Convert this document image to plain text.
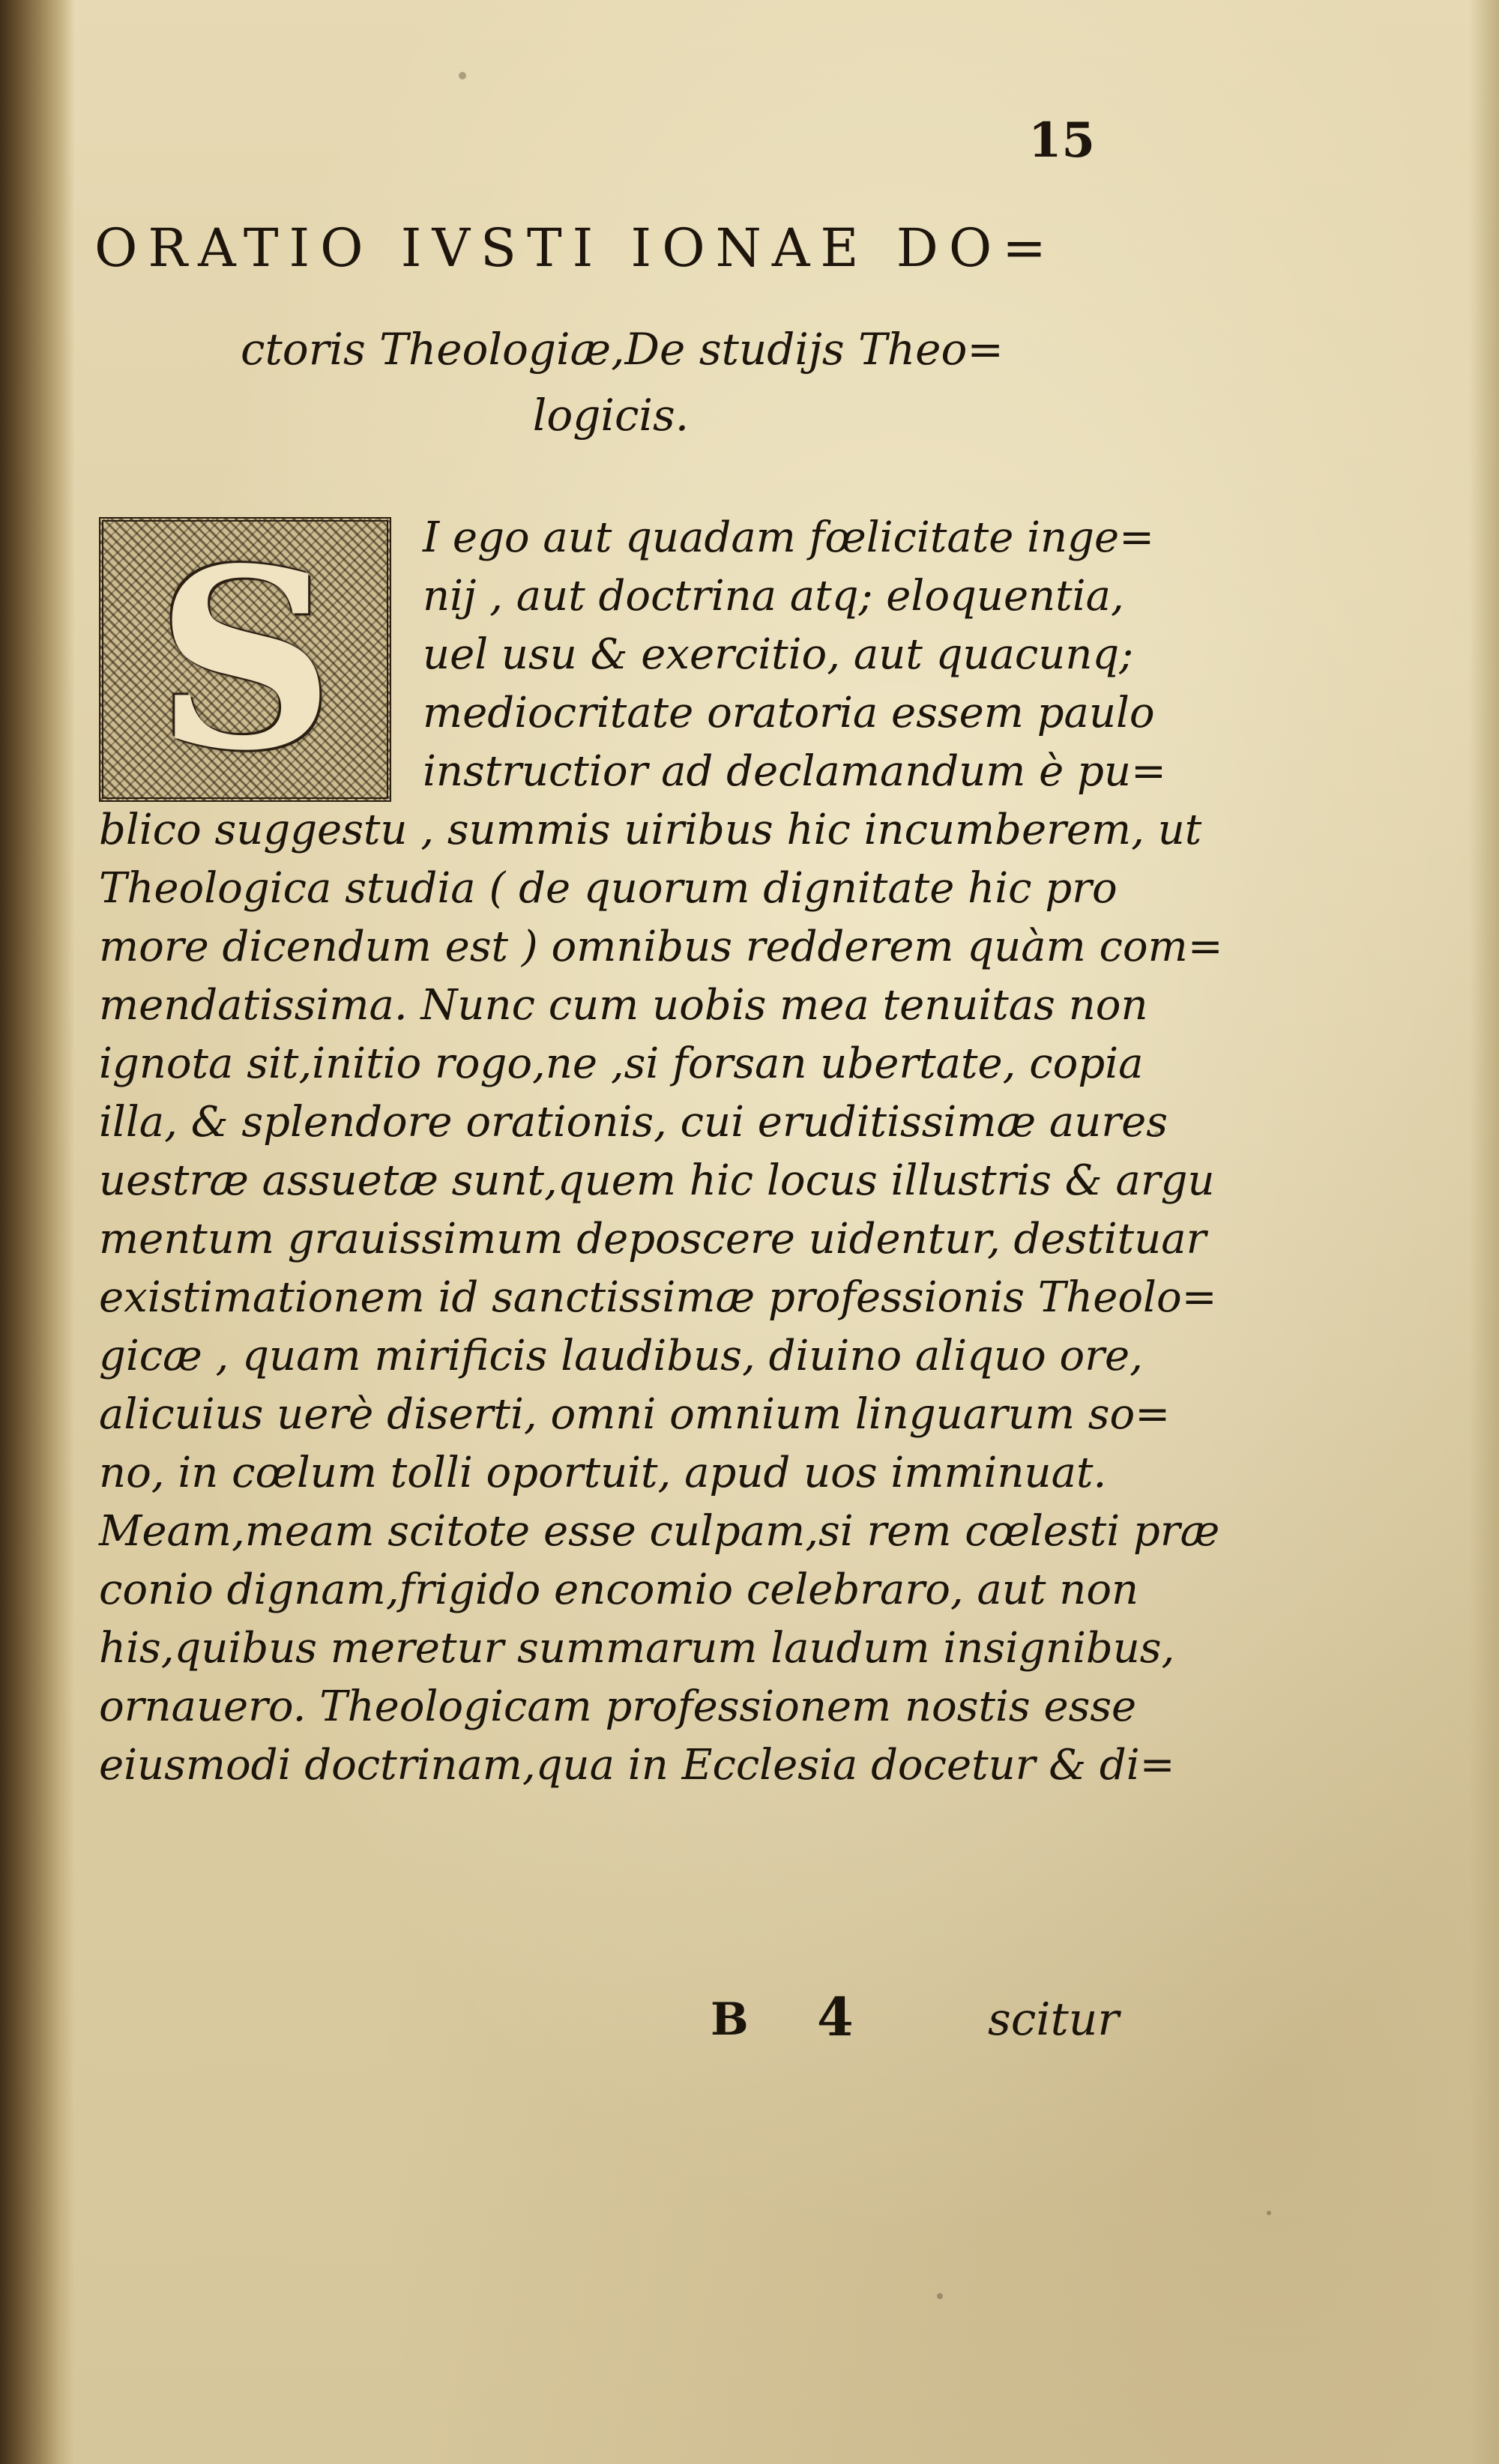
15
ORATIO IVSTI IONAE DO=
ctoris Theologiæ,De studijs Theo=
logicis.
S	I ego aut quadam fœlicitate inge=
nij , aut doctrina atq; eloquentia,
uel usu & exercitio, aut quacunq;
mediocritate oratoria essem paulo
instructior ad declamandum è pu=
blico suggestu , summis uiribus hic incumberem, ut
Theologica studia ( de quorum dignitate hic pro
more dicendum est ) omnibus redderem quàm com=
mendatissima. Nunc cum uobis mea tenuitas non
ignota sit,initio rogo,ne ,si forsan ubertate, copia
illa, & splendore orationis, cui eruditissimæ aures
uestræ assuetæ sunt,quem hic locus illustris & argu
mentum grauissimum deposcere uidentur, destituar
existimationem id sanctissimæ professionis Theolo=
gicæ , quam mirificis laudibus, diuino aliquo ore,
alicuius uerè diserti, omni omnium linguarum so=
no, in cœlum tolli oportuit, apud uos imminuat.
Meam,meam scitote esse culpam,si rem cœlesti præ
conio dignam,frigido encomio celebraro, aut non
his,quibus meretur summarum laudum insignibus,
ornauero. Theologicam professionem nostis esse
eiusmodi doctrinam,qua in Ecclesia docetur & di=
B 4	scitur
